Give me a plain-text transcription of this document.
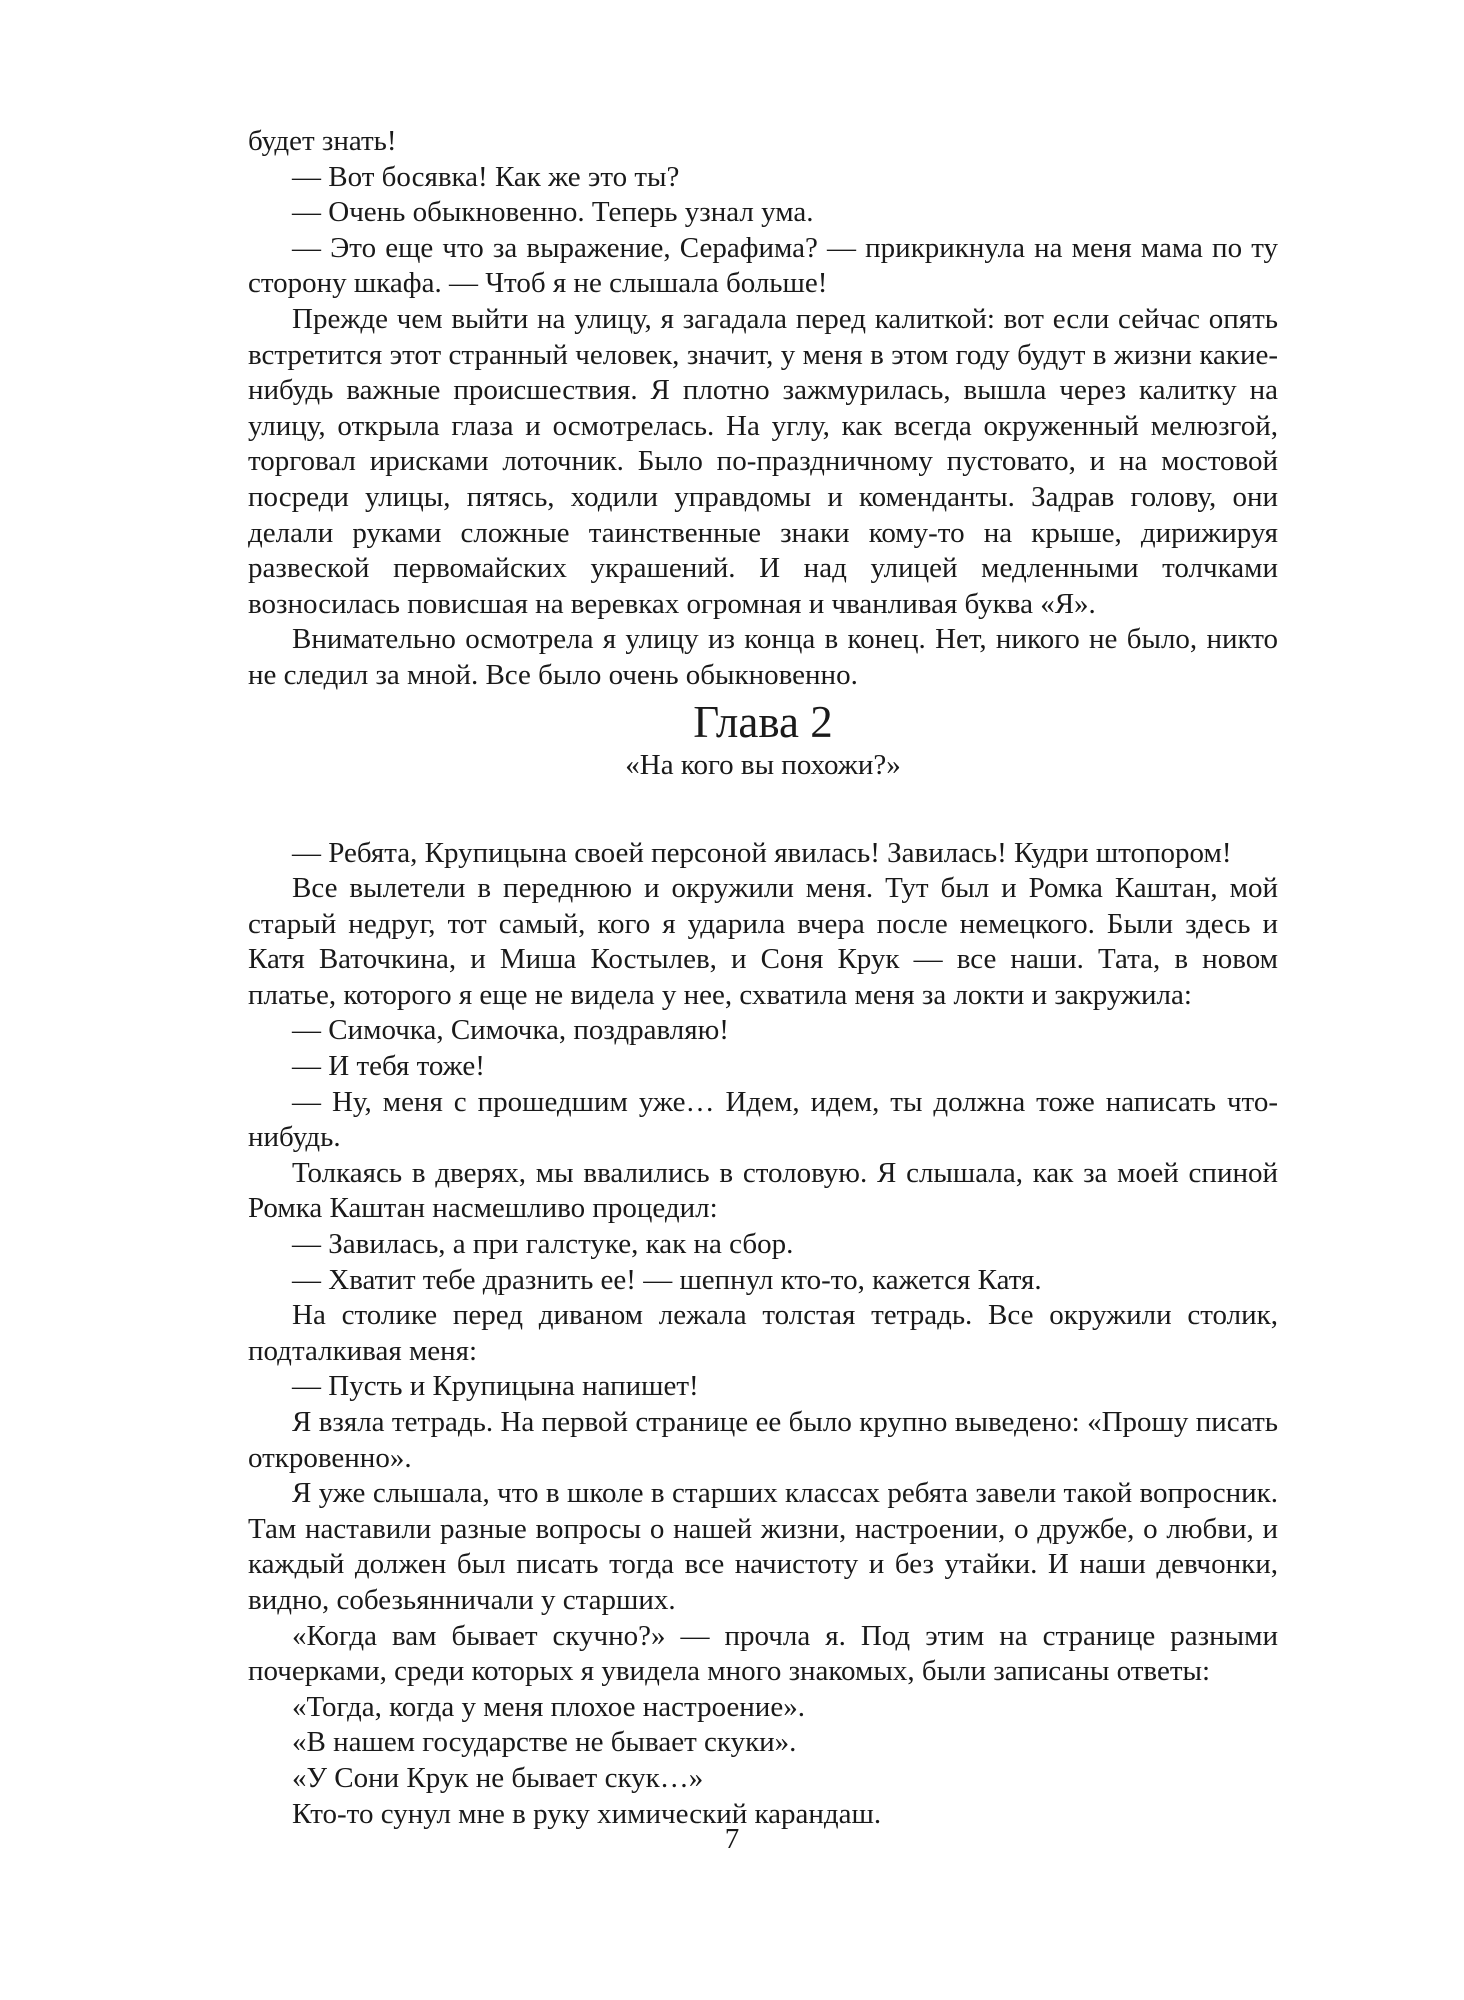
будет знать!

— Вот босявка! Как же это ты?

— Очень обыкновенно. Теперь узнал ума.

— Это еще что за выражение, Серафима? — прикрикнула на меня мама по ту сторону шкафа. — Чтоб я не слышала больше!

Прежде чем выйти на улицу, я загадала перед калиткой: вот если сейчас опять встретится этот странный человек, значит, у меня в этом году будут в жизни какие-нибудь важные происшествия. Я плотно зажмурилась, вышла через калитку на улицу, открыла глаза и осмотрелась. На углу, как всегда окруженный мелюзгой, торговал ирисками лоточник. Было по-праздничному пустовато, и на мостовой посреди улицы, пятясь, ходили управдомы и коменданты. Задрав голову, они делали руками сложные таинственные знаки кому-то на крыше, дирижируя развеской первомайских украшений. И над улицей медленными толчками возносилась повисшая на веревках огромная и чванливая буква «Я».

Внимательно осмотрела я улицу из конца в конец. Нет, никого не было, никто не следил за мной. Все было очень обыкновенно.

Глава 2
«На кого вы похожи?»

— Ребята, Крупицына своей персоной явилась! Завилась! Кудри штопором!

Все вылетели в переднюю и окружили меня. Тут был и Ромка Каштан, мой старый недруг, тот самый, кого я ударила вчера после немецкого. Были здесь и Катя Ваточкина, и Миша Костылев, и Соня Крук — все наши. Тата, в новом платье, которого я еще не видела у нее, схватила меня за локти и закружила:

— Симочка, Симочка, поздравляю!

— И тебя тоже!

— Ну, меня с прошедшим уже… Идем, идем, ты должна тоже написать что-нибудь.

Толкаясь в дверях, мы ввалились в столовую. Я слышала, как за моей спиной Ромка Каштан насмешливо процедил:

— Завилась, а при галстуке, как на сбор.

— Хватит тебе дразнить ее! — шепнул кто-то, кажется Катя.

На столике перед диваном лежала толстая тетрадь. Все окружили столик, подталкивая меня:

— Пусть и Крупицына напишет!

Я взяла тетрадь. На первой странице ее было крупно выведено: «Прошу писать откровенно».

Я уже слышала, что в школе в старших классах ребята завели такой вопросник. Там наставили разные вопросы о нашей жизни, настроении, о дружбе, о любви, и каждый должен был писать тогда все начистоту и без утайки. И наши девчонки, видно, собезьянничали у старших.

«Когда вам бывает скучно?» — прочла я. Под этим на странице разными почерками, среди которых я увидела много знакомых, были записаны ответы:

«Тогда, когда у меня плохое настроение».

«В нашем государстве не бывает скуки».

«У Сони Крук не бывает скук…»

Кто-то сунул мне в руку химический карандаш.

7
